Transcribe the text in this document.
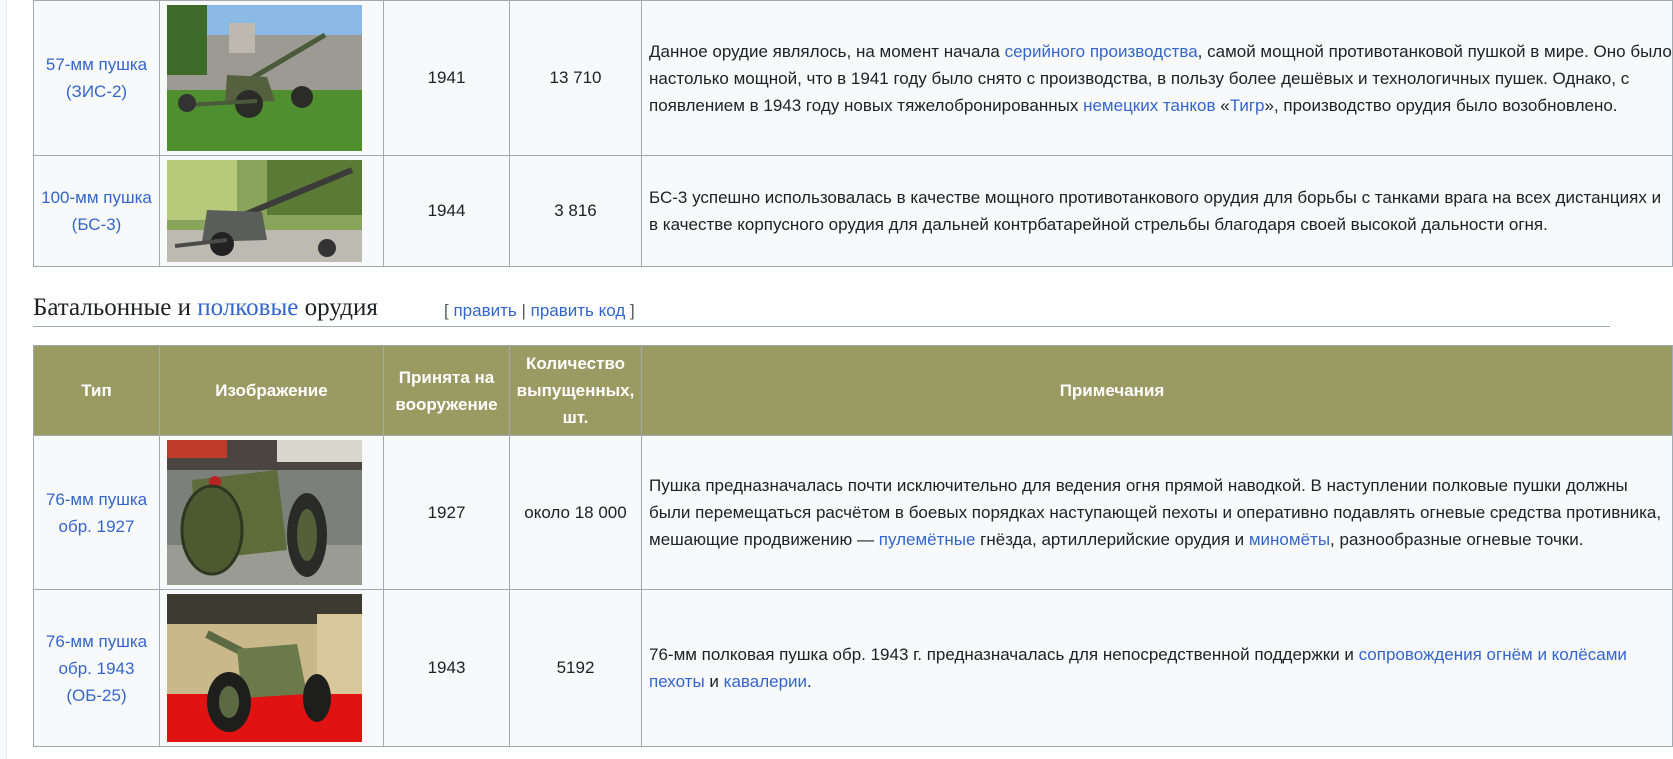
57-мм пушка
(ЗИС-2)		1941	13 710	Данное орудие являлось, на момент начала серийного производства, самой мощной противотанковой пушкой в мире. Оно было настолько мощной, что в 1941 году было снято с производства, в пользу более дешёвых и технологичных пушек. Однако, с появлением в 1943 году новых тяжелобронированных немецких танков «Тигр», производство орудия было возобновлено.

100-мм пушка
(БС-3)		1944	3 816	БС-3 успешно использовалась в качестве мощного противотанкового орудия для борьбы с танками врага на всех дистанциях и в качестве корпусного орудия для дальней контрбатарейной стрельбы благодаря своей высокой дальности огня.
Батальонные и полковые орудия	[ править | править код ]
Тип	Изображение	Принята на вооружение	Количество выпущенных, шт.	Примечания
76-мм пушка
обр. 1927		1927	около 18 000	Пушка предназначалась почти исключительно для ведения огня прямой наводкой. В наступлении полковые пушки должны были перемещаться расчётом в боевых порядках наступающей пехоты и оперативно подавлять огневые средства противника, мешающие продвижению — пулемётные гнёзда, артиллерийские орудия и миномёты, разнообразные огневые точки.

76-мм пушка
обр. 1943
(ОБ-25)		1943	5192	76-мм полковая пушка обр. 1943 г. предназначалась для непосредственной поддержки и сопровождения огнём и колёсами пехоты и кавалерии.
